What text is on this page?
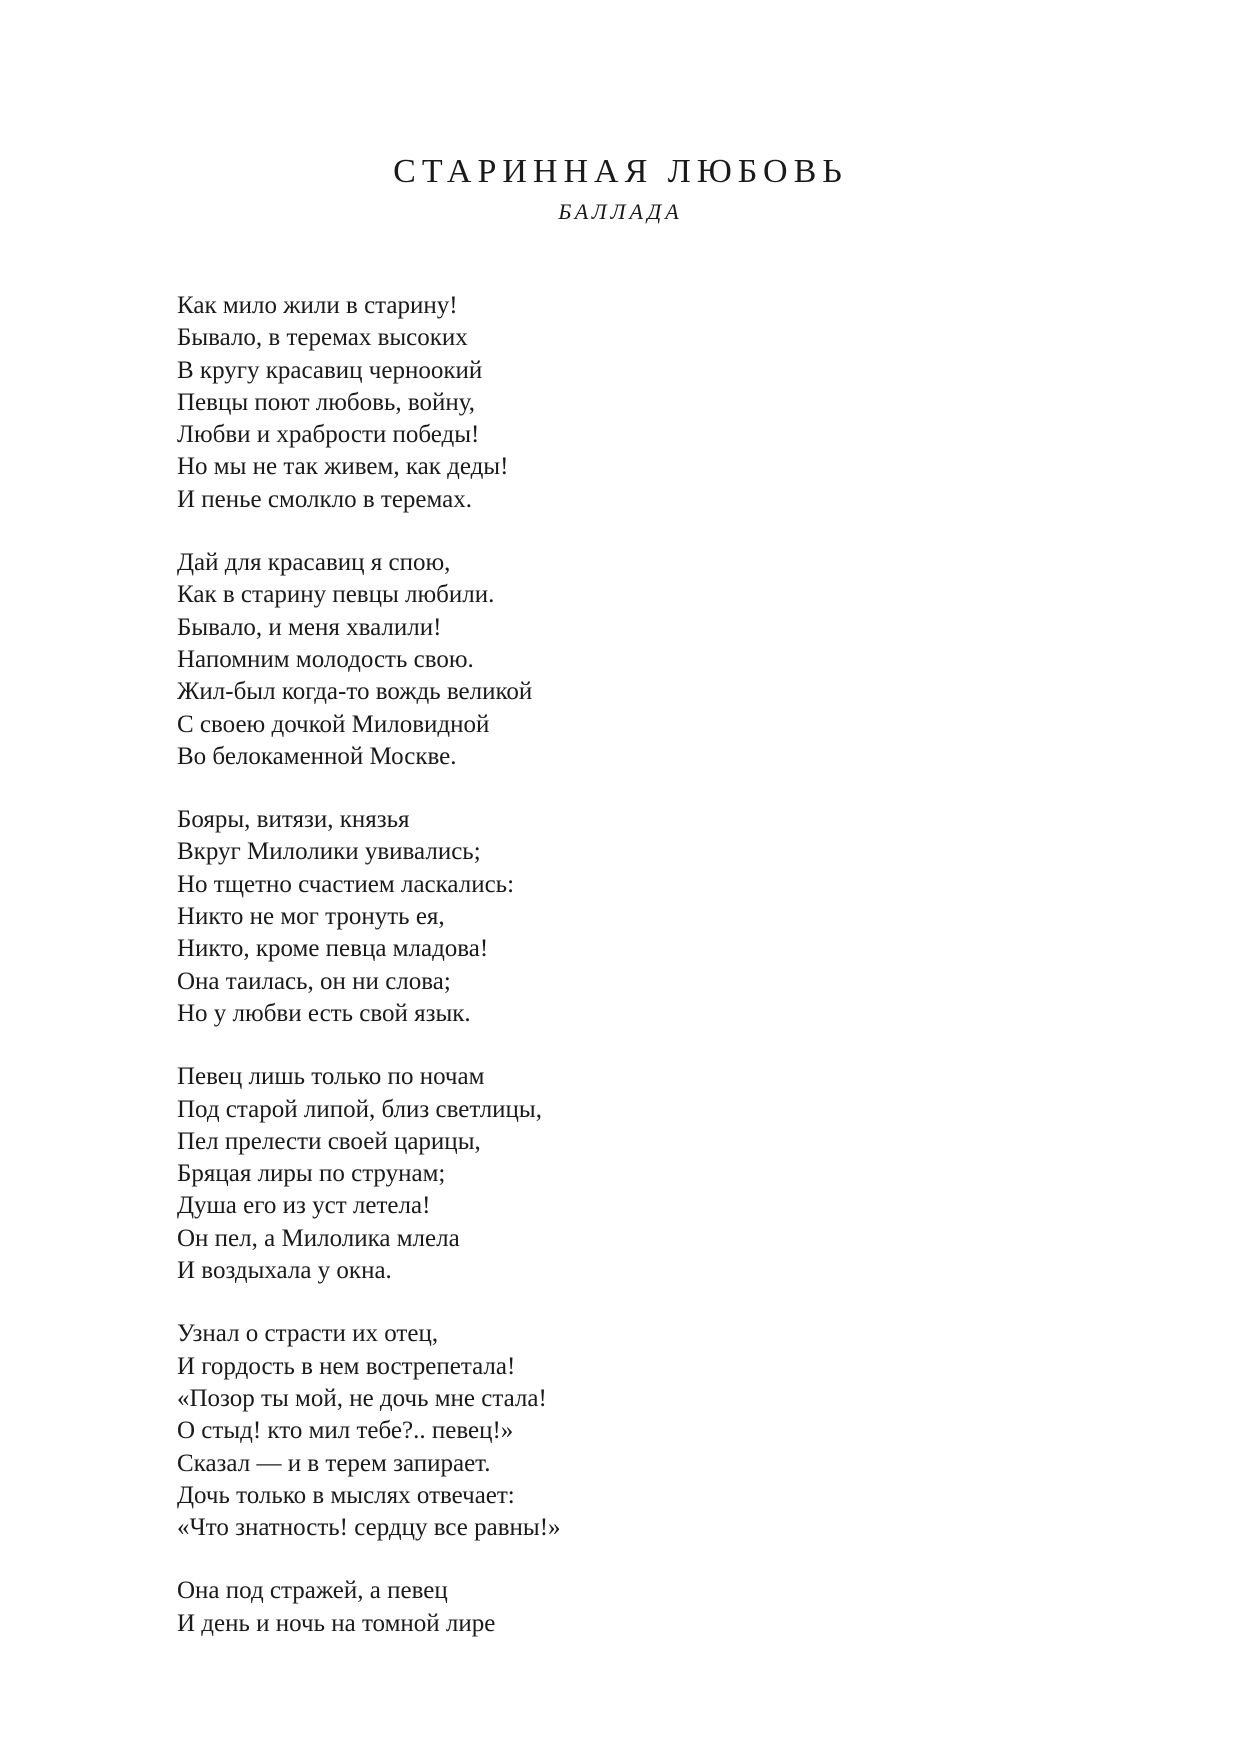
СТАРИННАЯ ЛЮБОВЬ
БАЛЛАДА

Как мило жили в старину!
Бывало, в теремах высоких
В кругу красавиц черноокий
Певцы поют любовь, войну,
Любви и храбрости победы!
Но мы не так живем, как деды!
И пенье смолкло в теремах.

Дай для красавиц я спою,
Как в старину певцы любили.
Бывало, и меня хвалили!
Напомним молодость свою.
Жил-был когда-то вождь великой
С своею дочкой Миловидной
Во белокаменной Москве.

Бояры, витязи, князья
Вкруг Милолики увивались;
Но тщетно счастием ласкались:
Никто не мог тронуть ея,
Никто, кроме певца младова!
Она таилась, он ни слова;
Но у любви есть свой язык.

Певец лишь только по ночам
Под старой липой, близ светлицы,
Пел прелести своей царицы,
Бряцая лиры по струнам;
Душа его из уст летела!
Он пел, а Милолика млела
И воздыхала у окна.

Узнал о страсти их отец,
И гордость в нем вострепетала!
«Позор ты мой, не дочь мне стала!
О стыд! кто мил тебе?.. певец!»
Сказал — и в терем запирает.
Дочь только в мыслях отвечает:
«Что знатность! сердцу все равны!»

Она под стражей, а певец
И день и ночь на томной лире
